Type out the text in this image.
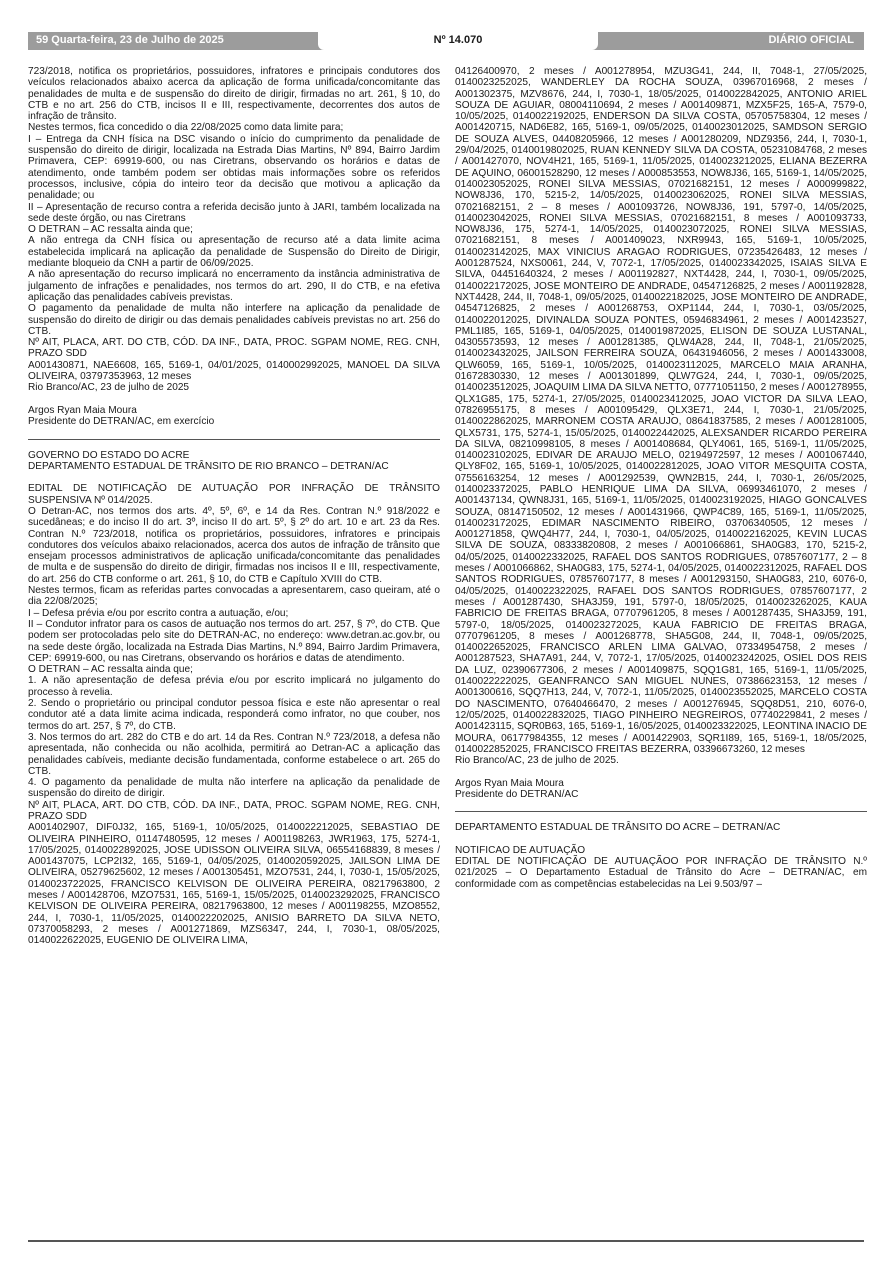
59 Quarta-feira, 23 de Julho de 2025	Nº 14.070	DIÁRIO OFICIAL

723/2018, notifica os proprietários, possuidores, infratores e principais condutores dos veículos relacionados abaixo acerca da aplicação de forma unificada/concomitante das penalidades de multa e de suspensão do direito de dirigir, firmadas no art. 261, § 10, do CTB e no art. 256 do CTB, incisos II e III, respectivamente, decorrentes dos autos de infração de trânsito.

Nestes termos, fica concedido o dia 22/08/2025 como data limite para;

I – Entrega da CNH física na DSC visando o início do cumprimento da penalidade de suspensão do direito de dirigir, localizada na Estrada Dias Martins, Nº 894, Bairro Jardim Primavera, CEP: 69919-600, ou nas Ciretrans, observando os horários e datas de atendimento, onde também podem ser obtidas mais informações sobre os referidos processos, inclusive, cópia do inteiro teor da decisão que motivou a aplicação da penalidade; ou

II – Apresentação de recurso contra a referida decisão junto à JARI, também localizada na sede deste órgão, ou nas Ciretrans

O DETRAN – AC ressalta ainda que;

A não entrega da CNH física ou apresentação de recurso até a data limite acima estabelecida implicará na aplicação da penalidade de Suspensão do Direito de Dirigir, mediante bloqueio da CNH a partir de 06/09/2025.

A não apresentação do recurso implicará no encerramento da instância administrativa de julgamento de infrações e penalidades, nos termos do art. 290, II do CTB, e na efetiva aplicação das penalidades cabíveis previstas.

O pagamento da penalidade de multa não interfere na aplicação da penalidade de suspensão do direito de dirigir ou das demais penalidades cabíveis previstas no art. 256 do CTB.

Nº AIT, PLACA, ART. DO CTB, CÓD. DA INF., DATA, PROC. SGPAM NOME, REG. CNH, PRAZO SDD

A001430871, NAE6608, 165, 5169-1, 04/01/2025, 0140002992025, MANOEL DA SILVA OLIVEIRA, 03797353963, 12 meses

Rio Branco/AC, 23 de julho de 2025

Argos Ryan Maia Moura

Presidente do DETRAN/AC, em exercício

GOVERNO DO ESTADO DO ACRE

DEPARTAMENTO ESTADUAL DE TRÂNSITO DE RIO BRANCO – DETRAN/AC

EDITAL DE NOTIFICAÇÃO DE AUTUAÇÃO POR INFRAÇÃO DE TRÂNSITO SUSPENSIVA Nº 014/2025.

O Detran-AC, nos termos dos arts. 4º, 5º, 6º, e 14 da Res. Contran N.º 918/2022 e sucedâneas; e do inciso II do art. 3º, inciso II do art. 5º, § 2º do art. 10 e art. 23 da Res. Contran N.º 723/2018, notifica os proprietários, possuidores, infratores e principais condutores dos veículos abaixo relacionados, acerca dos autos de infração de trânsito que ensejam processos administrativos de aplicação unificada/concomitante das penalidades de multa e de suspensão do direito de dirigir, firmadas nos incisos II e III, respectivamente, do art. 256 do CTB conforme o art. 261, § 10, do CTB e Capítulo XVIII do CTB.

Nestes termos, ficam as referidas partes convocadas a apresentarem, caso queiram, até o dia 22/08/2025;

I – Defesa prévia e/ou por escrito contra a autuação, e/ou;

II – Condutor infrator para os casos de autuação nos termos do art. 257, § 7º, do CTB. Que podem ser protocoladas pelo site do DETRAN-AC, no endereço: www.detran.ac.gov.br, ou na sede deste órgão, localizada na Estrada Dias Martins, N.º 894, Bairro Jardim Primavera, CEP: 69919-600, ou nas Ciretrans, observando os horários e datas de atendimento.

O DETRAN – AC ressalta ainda que;

1. A não apresentação de defesa prévia e/ou por escrito implicará no julgamento do processo à revelia.

2. Sendo o proprietário ou principal condutor pessoa física e este não apresentar o real condutor até a data limite acima indicada, responderá como infrator, no que couber, nos termos do art. 257, § 7º, do CTB.

3. Nos termos do art. 282 do CTB e do art. 14 da Res. Contran N.º 723/2018, a defesa não apresentada, não conhecida ou não acolhida, permitirá ao Detran-AC a aplicação das penalidades cabíveis, mediante decisão fundamentada, conforme estabelece o art. 265 do CTB.

4. O pagamento da penalidade de multa não interfere na aplicação da penalidade de suspensão do direito de dirigir.

Nº AIT, PLACA, ART. DO CTB, CÓD. DA INF., DATA, PROC. SGPAM NOME, REG. CNH, PRAZO SDD

A001402907, DIF0J32, 165, 5169-1, 10/05/2025, 0140022212025, SEBASTIAO DE OLIVEIRA PINHEIRO, 01147480595, 12 meses / A001198263, JWR1963, 175, 5274-1, 17/05/2025, 0140022892025, JOSE UDISSON OLIVEIRA SILVA, 06554168839, 8 meses / A001437075, LCP2I32, 165, 5169-1, 04/05/2025, 0140020592025, JAILSON LIMA DE OLIVEIRA, 05279625602, 12 meses / A001305451, MZO7531, 244, I, 7030-1, 15/05/2025, 0140023722025, FRANCISCO KELVISON DE OLIVEIRA PEREIRA, 08217963800, 2 meses / A001428706, MZO7531, 165, 5169-1, 15/05/2025, 0140023292025, FRANCISCO KELVISON DE OLIVEIRA PEREIRA, 08217963800, 12 meses / A001198255, MZO8552, 244, I, 7030-1, 11/05/2025, 0140022202025, ANISIO BARRETO DA SILVA NETO, 07370058293, 2 meses / A001271869, MZS6347, 244, I, 7030-1, 08/05/2025, 0140022622025, EUGENIO DE OLIVEIRA LIMA,

04126400970, 2 meses / A001278954, MZU3G41, 244, II, 7048-1, 27/05/2025, 0140023252025, WANDERLEY DA ROCHA SOUZA, 03967016968, 2 meses / A001302375, MZV8676, 244, I, 7030-1, 18/05/2025, 0140022842025, ANTONIO ARIEL SOUZA DE AGUIAR, 08004110694, 2 meses / A001409871, MZX5F25, 165-A, 7579-0, 10/05/2025, 0140022192025, ENDERSON DA SILVA COSTA, 05705758304, 12 meses / A001420715, NAD6E82, 165, 5169-1, 09/05/2025, 0140023012025, SAMDSON SERGIO DE SOUZA ALVES, 04408205966, 12 meses / A001280209, NDZ9356, 244, I, 7030-1, 29/04/2025, 0140019802025, RUAN KENNEDY SILVA DA COSTA, 05231084768, 2 meses / A001427070, NOV4H21, 165, 5169-1, 11/05/2025, 0140023212025, ELIANA BEZERRA DE AQUINO, 06001528290, 12 meses / A000853553, NOW8J36, 165, 5169-1, 14/05/2025, 0140023052025, RONEI SILVA MESSIAS, 07021682151, 12 meses / A000999822, NOW8J36, 170, 5215-2, 14/05/2025, 0140023062025, RONEI SILVA MESSIAS, 07021682151, 2 – 8 meses / A001093726, NOW8J36, 191, 5797-0, 14/05/2025, 0140023042025, RONEI SILVA MESSIAS, 07021682151, 8 meses / A001093733, NOW8J36, 175, 5274-1, 14/05/2025, 0140023072025, RONEI SILVA MESSIAS, 07021682151, 8 meses / A001409023, NXR9943, 165, 5169-1, 10/05/2025, 0140023142025, MAX VINICIUS ARAGAO RODRIGUES, 07235426483, 12 meses / A001287524, NXS0061, 244, V, 7072-1, 17/05/2025, 0140023342025, ISAIAS SILVA E SILVA, 04451640324, 2 meses / A001192827, NXT4428, 244, I, 7030-1, 09/05/2025, 0140022172025, JOSE MONTEIRO DE ANDRADE, 04547126825, 2 meses / A001192828, NXT4428, 244, II, 7048-1, 09/05/2025, 0140022182025, JOSE MONTEIRO DE ANDRADE, 04547126825, 2 meses / A001268753, OXP1144, 244, I, 7030-1, 03/05/2025, 0140022012025, DIVINALDA SOUZA PONTES, 05946834961, 2 meses / A001423527, PML1I85, 165, 5169-1, 04/05/2025, 0140019872025, ELISON DE SOUZA LUSTANAL, 04305573593, 12 meses / A001281385, QLW4A28, 244, II, 7048-1, 21/05/2025, 0140023432025, JAILSON FERREIRA SOUZA, 06431946056, 2 meses / A001433008, QLW6059, 165, 5169-1, 10/05/2025, 0140023112025, MARCELO MAIA ARANHA, 01672830330, 12 meses / A001301899, QLW7G24, 244, I, 7030-1, 09/05/2025, 0140023512025, JOAQUIM LIMA DA SILVA NETTO, 07771051150, 2 meses / A001278955, QLX1G85, 175, 5274-1, 27/05/2025, 0140023412025, JOAO VICTOR DA SILVA LEAO, 07826955175, 8 meses / A001095429, QLX3E71, 244, I, 7030-1, 21/05/2025, 0140022862025, MARRONEM COSTA ARAUJO, 08641837585, 2 meses / A001281005, QLX5731, 175, 5274-1, 15/05/2025, 0140022442025, ALEXSANDER RICARDO PEREIRA DA SILVA, 08210998105, 8 meses / A001408684, QLY4061, 165, 5169-1, 11/05/2025, 0140023102025, EDIVAR DE ARAUJO MELO, 02194972597, 12 meses / A001067440, QLY8F02, 165, 5169-1, 10/05/2025, 0140022812025, JOAO VITOR MESQUITA COSTA, 07556163254, 12 meses / A001292539, QWN2B15, 244, I, 7030-1, 26/05/2025, 0140023372025, PABLO HENRIQUE LIMA DA SILVA, 06993461070, 2 meses / A001437134, QWN8J31, 165, 5169-1, 11/05/2025, 0140023192025, HIAGO GONCALVES SOUZA, 08147150502, 12 meses / A001431966, QWP4C89, 165, 5169-1, 11/05/2025, 0140023172025, EDIMAR NASCIMENTO RIBEIRO, 03706340505, 12 meses / A001271858, QWQ4H77, 244, I, 7030-1, 04/05/2025, 0140022162025, KEVIN LUCAS SILVA DE SOUZA, 08333820808, 2 meses / A001066861, SHA0G83, 170, 5215-2, 04/05/2025, 0140022332025, RAFAEL DOS SANTOS RODRIGUES, 07857607177, 2 – 8 meses / A001066862, SHA0G83, 175, 5274-1, 04/05/2025, 0140022312025, RAFAEL DOS SANTOS RODRIGUES, 07857607177, 8 meses / A001293150, SHA0G83, 210, 6076-0, 04/05/2025, 0140022322025, RAFAEL DOS SANTOS RODRIGUES, 07857607177, 2 meses / A001287430, SHA3J59, 191, 5797-0, 18/05/2025, 0140023262025, KAUA FABRICIO DE FREITAS BRAGA, 07707961205, 8 meses / A001287435, SHA3J59, 191, 5797-0, 18/05/2025, 0140023272025, KAUA FABRICIO DE FREITAS BRAGA, 07707961205, 8 meses / A001268778, SHA5G08, 244, II, 7048-1, 09/05/2025, 0140022652025, FRANCISCO ARLEN LIMA GALVAO, 07334954758, 2 meses / A001287523, SHA7A91, 244, V, 7072-1, 17/05/2025, 0140023242025, OSIEL DOS REIS DA LUZ, 02390677306, 2 meses / A001409875, SQQ1G81, 165, 5169-1, 11/05/2025, 0140022222025, GEANFRANCO SAN MIGUEL NUNES, 07386623153, 12 meses / A001300616, SQQ7H13, 244, V, 7072-1, 11/05/2025, 0140023552025, MARCELO COSTA DO NASCIMENTO, 07640466470, 2 meses / A001276945, SQQ8D51, 210, 6076-0, 12/05/2025, 0140022832025, TIAGO PINHEIRO NEGREIROS, 07740229841, 2 meses / A001423115, SQR0B63, 165, 5169-1, 16/05/2025, 0140023322025, LEONTINA INACIO DE MOURA, 06177984355, 12 meses / A001422903, SQR1I89, 165, 5169-1, 18/05/2025, 0140022852025, FRANCISCO FREITAS BEZERRA, 03396673260, 12 meses

Rio Branco/AC, 23 de julho de 2025.

Argos Ryan Maia Moura

Presidente do DETRAN/AC

DEPARTAMENTO ESTADUAL DE TRÂNSITO DO ACRE – DETRAN/AC

NOTIFICAO DE AUTUAÇÃO

EDITAL DE NOTIFICAÇÃO DE AUTUAÇÃOO POR INFRAÇÃO DE TRÂNSITO N.º 021/2025 – O Departamento Estadual de Trânsito do Acre – DETRAN/AC, em conformidade com as competências estabelecidas na Lei 9.503/97 –
